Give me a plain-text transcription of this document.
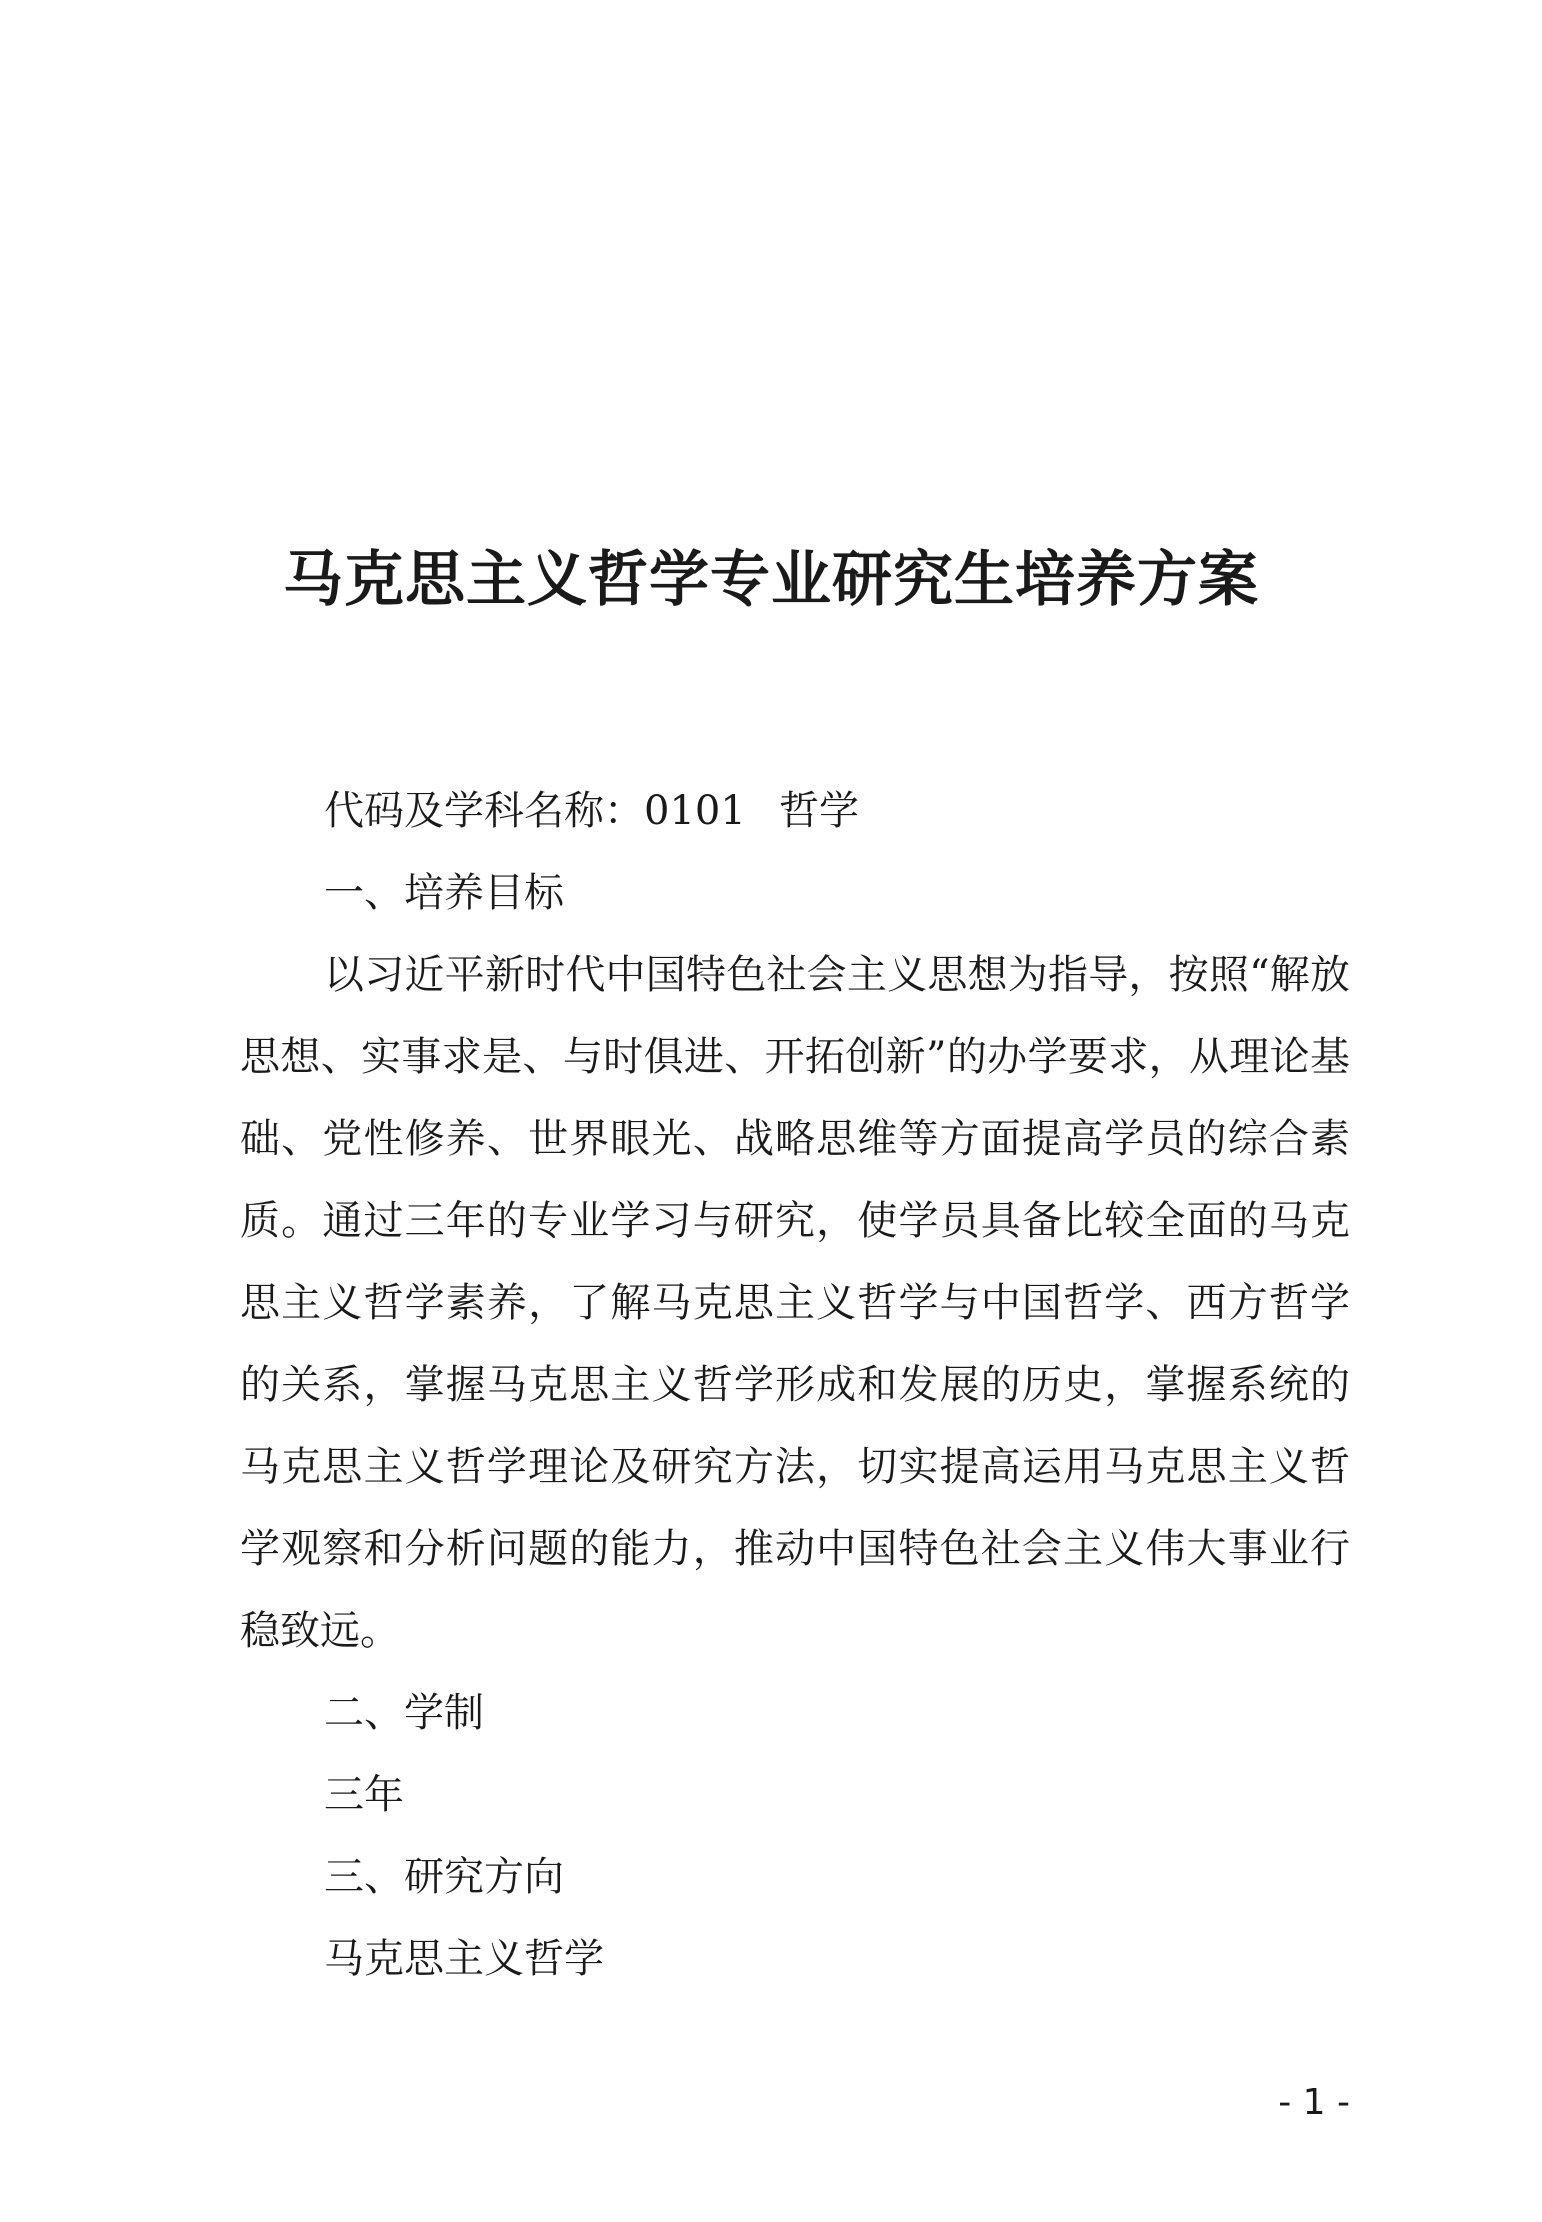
马克思主义哲学专业研究生培养方案

代码及学科名称：0101 哲学

一、培养目标

以习近平新时代中国特色社会主义思想为指导，按照“解放思想、实事求是、与时俱进、开拓创新”的办学要求，从理论基础、党性修养、世界眼光、战略思维等方面提高学员的综合素质。通过三年的专业学习与研究，使学员具备比较全面的马克思主义哲学素养，了解马克思主义哲学与中国哲学、西方哲学的关系，掌握马克思主义哲学形成和发展的历史，掌握系统的马克思主义哲学理论及研究方法，切实提高运用马克思主义哲学观察和分析问题的能力，推动中国特色社会主义伟大事业行稳致远。

二、学制

三年

三、研究方向

马克思主义哲学

- 1 -
